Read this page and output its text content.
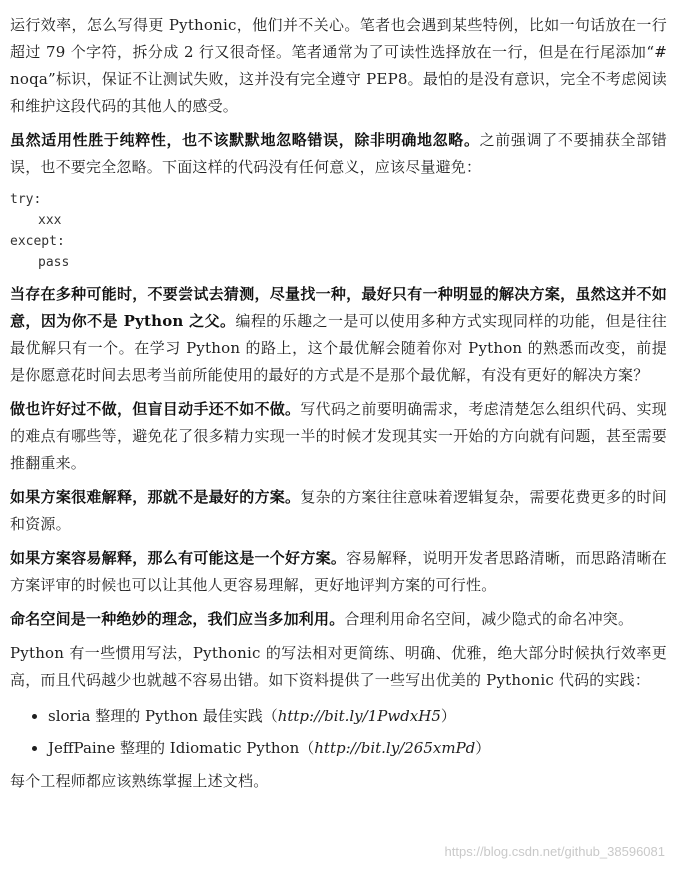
运行效率，怎么写得更 Pythonic，他们并不关心。笔者也会遇到某些特例，比如一句话放在一行超过 79 个字符，拆分成 2 行又很奇怪。笔者通常为了可读性选择放在一行，但是在行尾添加“# noqa”标识，保证不让测试失败，这并没有完全遵守 PEP8。最怕的是没有意识，完全不考虑阅读和维护这段代码的其他人的感受。

虽然适用性胜于纯粹性，也不该默默地忽略错误，除非明确地忽略。之前强调了不要捕获全部错误，也不要完全忽略。下面这样的代码没有任何意义，应该尽量避免：

try:
xxx
except:
pass

当存在多种可能时，不要尝试去猜测，尽量找一种，最好只有一种明显的解决方案，虽然这并不如意，因为你不是 Python 之父。编程的乐趣之一是可以使用多种方式实现同样的功能，但是往往最优解只有一个。在学习 Python 的路上，这个最优解会随着你对 Python 的熟悉而改变，前提是你愿意花时间去思考当前所能使用的最好的方式是不是那个最优解，有没有更好的解决方案？

做也许好过不做，但盲目动手还不如不做。写代码之前要明确需求，考虑清楚怎么组织代码、实现的难点有哪些等，避免花了很多精力实现一半的时候才发现其实一开始的方向就有问题，甚至需要推翻重来。

如果方案很难解释，那就不是最好的方案。复杂的方案往往意味着逻辑复杂，需要花费更多的时间和资源。

如果方案容易解释，那么有可能这是一个好方案。容易解释，说明开发者思路清晰，而思路清晰在方案评审的时候也可以让其他人更容易理解，更好地评判方案的可行性。

命名空间是一种绝妙的理念，我们应当多加利用。合理利用命名空间，减少隐式的命名冲突。

Python 有一些惯用写法，Pythonic 的写法相对更简练、明确、优雅，绝大部分时候执行效率更高，而且代码越少也就越不容易出错。如下资料提供了一些写出优美的 Pythonic 代码的实践：

• sloria 整理的 Python 最佳实践（http://bit.ly/1PwdxH5）
• JeffPaine 整理的 Idiomatic Python（http://bit.ly/265xmPd）

每个工程师都应该熟练掌握上述文档。

https://blog.csdn.net/github_38596081
